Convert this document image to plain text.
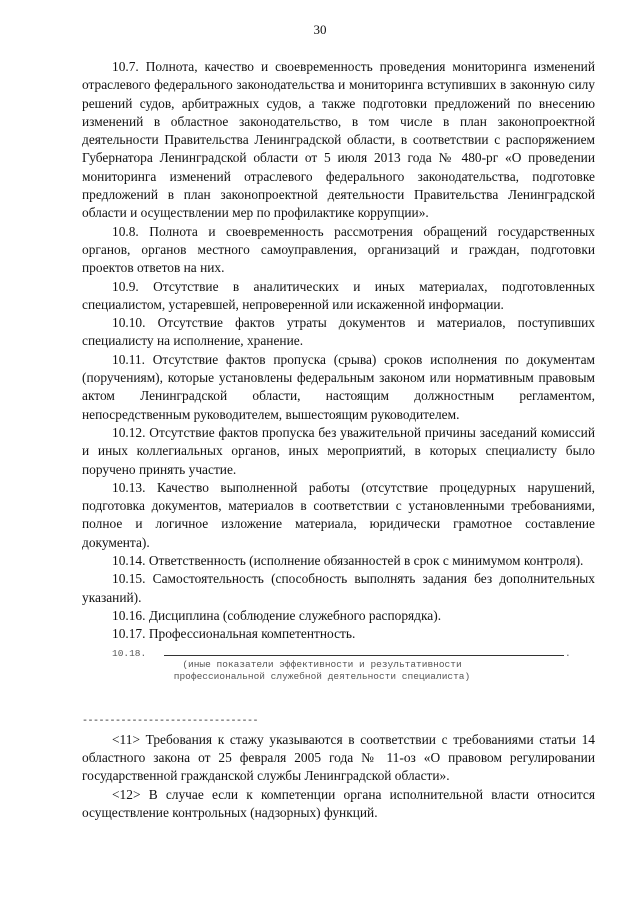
30

10.7. Полнота, качество и своевременность проведения мониторинга изменений отраслевого федерального законодательства и мониторинга вступивших в законную силу решений судов, арбитражных судов, а также подготовки предложений по внесению изменений в областное законодательство, в том числе в план законопроектной деятельности Правительства Ленинградской области, в соответствии с распоряжением Губернатора Ленинградской области от 5 июля 2013 года № 480-рг «О проведении мониторинга изменений отраслевого федерального законодательства, подготовке предложений в план законопроектной деятельности Правительства Ленинградской области и осуществлении мер по профилактике коррупции».

10.8. Полнота и своевременность рассмотрения обращений государственных органов, органов местного самоуправления, организаций и граждан, подготовки проектов ответов на них.

10.9. Отсутствие в аналитических и иных материалах, подготовленных специалистом, устаревшей, непроверенной или искаженной информации.

10.10. Отсутствие фактов утраты документов и материалов, поступивших специалисту на исполнение, хранение.

10.11. Отсутствие фактов пропуска (срыва) сроков исполнения по документам (поручениям), которые установлены федеральным законом или нормативным правовым актом Ленинградской области, настоящим должностным регламентом, непосредственным руководителем, вышестоящим руководителем.

10.12. Отсутствие фактов пропуска без уважительной причины заседаний комиссий и иных коллегиальных органов, иных мероприятий, в которых специалисту было поручено принять участие.

10.13. Качество выполненной работы (отсутствие процедурных нарушений, подготовка документов, материалов в соответствии с установленными требованиями, полное и логичное изложение материала, юридически грамотное составление документа).

10.14. Ответственность (исполнение обязанностей в срок с минимумом контроля).

10.15. Самостоятельность (способность выполнять задания без дополнительных указаний).

10.16. Дисциплина (соблюдение служебного распорядка).

10.17. Профессиональная компетентность.

10.18.	.
(иные показатели эффективности и результативности
профессиональной служебной деятельности специалиста)
--------------------------------

<11> Требования к стажу указываются в соответствии с требованиями статьи 14 областного закона от 25 февраля 2005 года № 11-оз «О правовом регулировании государственной гражданской службы Ленинградской области».

<12> В случае если к компетенции органа исполнительной власти относится осуществление контрольных (надзорных) функций.
